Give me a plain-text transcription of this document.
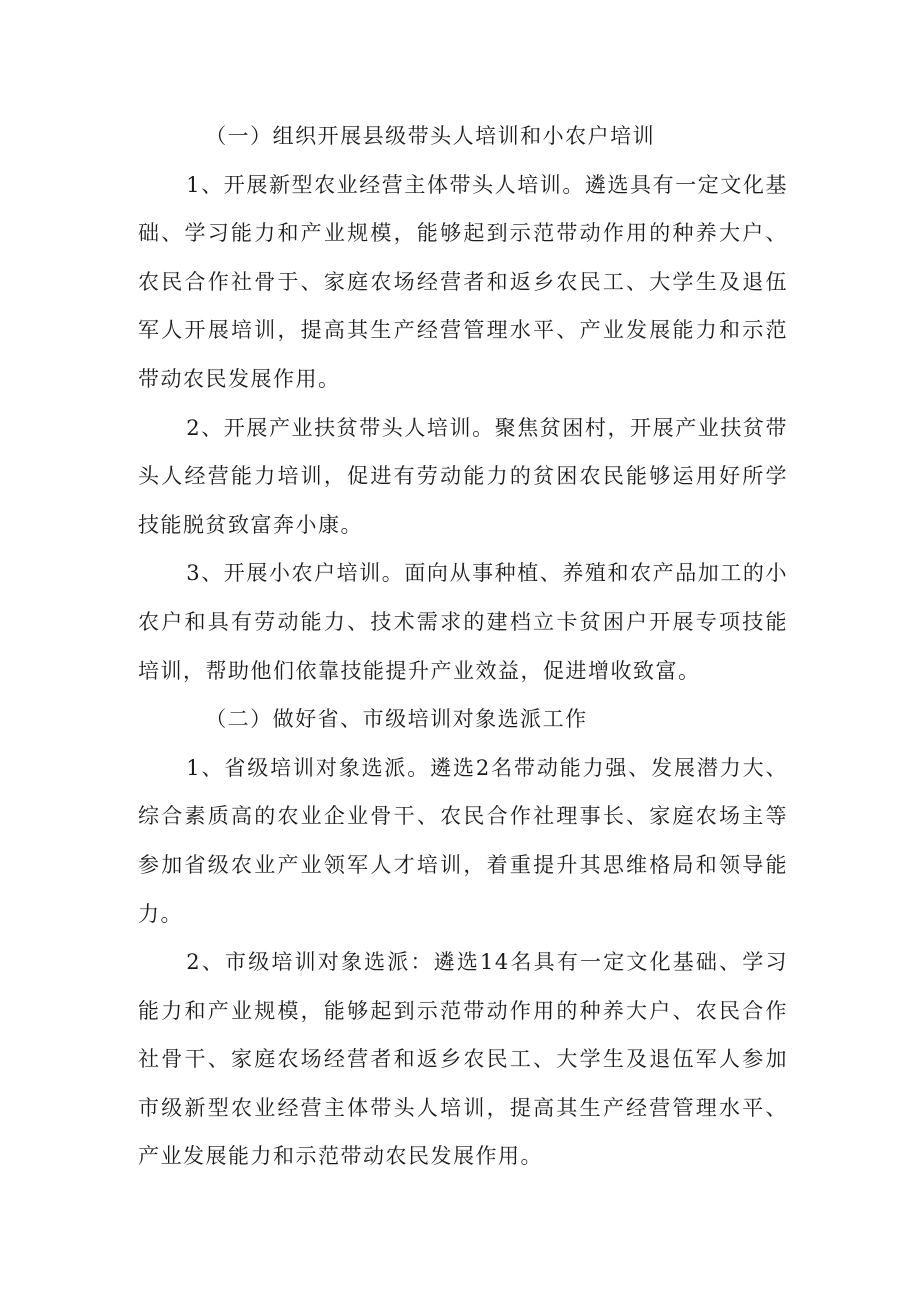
（一）组织开展县级带头人培训和小农户培训

1、开展新型农业经营主体带头人培训。遴选具有一定文化基础、学习能力和产业规模，能够起到示范带动作用的种养大户、农民合作社骨于、家庭农场经营者和返乡农民工、大学生及退伍军人开展培训，提高其生产经营管理水平、产业发展能力和示范带动农民发展作用。

2、开展产业扶贫带头人培训。聚焦贫困村，开展产业扶贫带头人经营能力培训，促进有劳动能力的贫困农民能够运用好所学技能脱贫致富奔小康。

3、开展小农户培训。面向从事种植、养殖和农产品加工的小农户和具有劳动能力、技术需求的建档立卡贫困户开展专项技能培训，帮助他们依靠技能提升产业效益，促进增收致富。

（二）做好省、市级培训对象选派工作

1、省级培训对象选派。遴选2名带动能力强、发展潜力大、综合素质高的农业企业骨干、农民合作社理事长、家庭农场主等参加省级农业产业领军人才培训，着重提升其思维格局和领导能力。

2、市级培训对象选派：遴选14名具有一定文化基础、学习能力和产业规模，能够起到示范带动作用的种养大户、农民合作社骨干、家庭农场经营者和返乡农民工、大学生及退伍军人参加市级新型农业经营主体带头人培训，提高其生产经营管理水平、产业发展能力和示范带动农民发展作用。
